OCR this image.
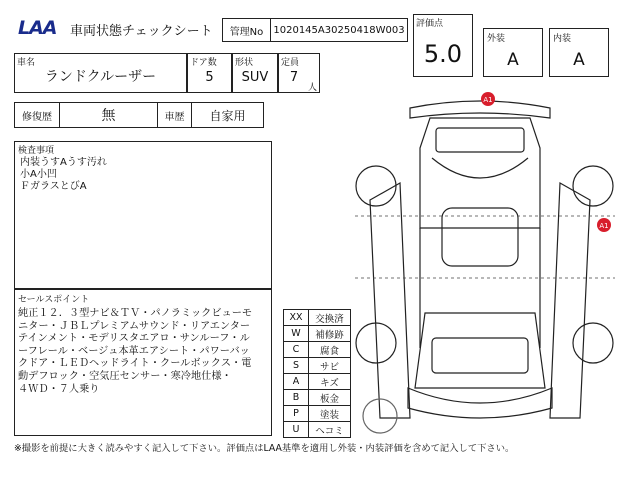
LAA 車両状態チェックシート	管理No	1020145A30250418W003
評価点
5.0
外装
A
内装
A
車名
ランドクルーザー
ドア数
5
形状
SUV
定員
7
人
修復歴	無	車歴	自家用
検査事項
内装うすAうす汚れ
小A小凹
ＦガラスとびA
セールスポイント
純正１２．３型ナビ＆ＴＶ・パノラミックビューモ
ニター・ＪＢＬプレミアムサウンド・リアエンター
テインメント・モデリスタエアロ・サンルーフ・ル
ーフレール・ベージュ本革エアシート・パワーバッ
クドア・ＬＥＤヘッドライト・クールボックス・電
動デフロック・空気圧センサー・寒冷地仕様・
４ＷＤ・７人乗り
XX	交換済
W	補修跡
C	腐食
S	サビ
A	キズ
B	板金
P	塗装
U	ヘコミ
A1
A1
※撮影を前提に大きく読みやすく記入して下さい。評価点はLAA基準を適用し外装・内装評価を含めて記入して下さい。
